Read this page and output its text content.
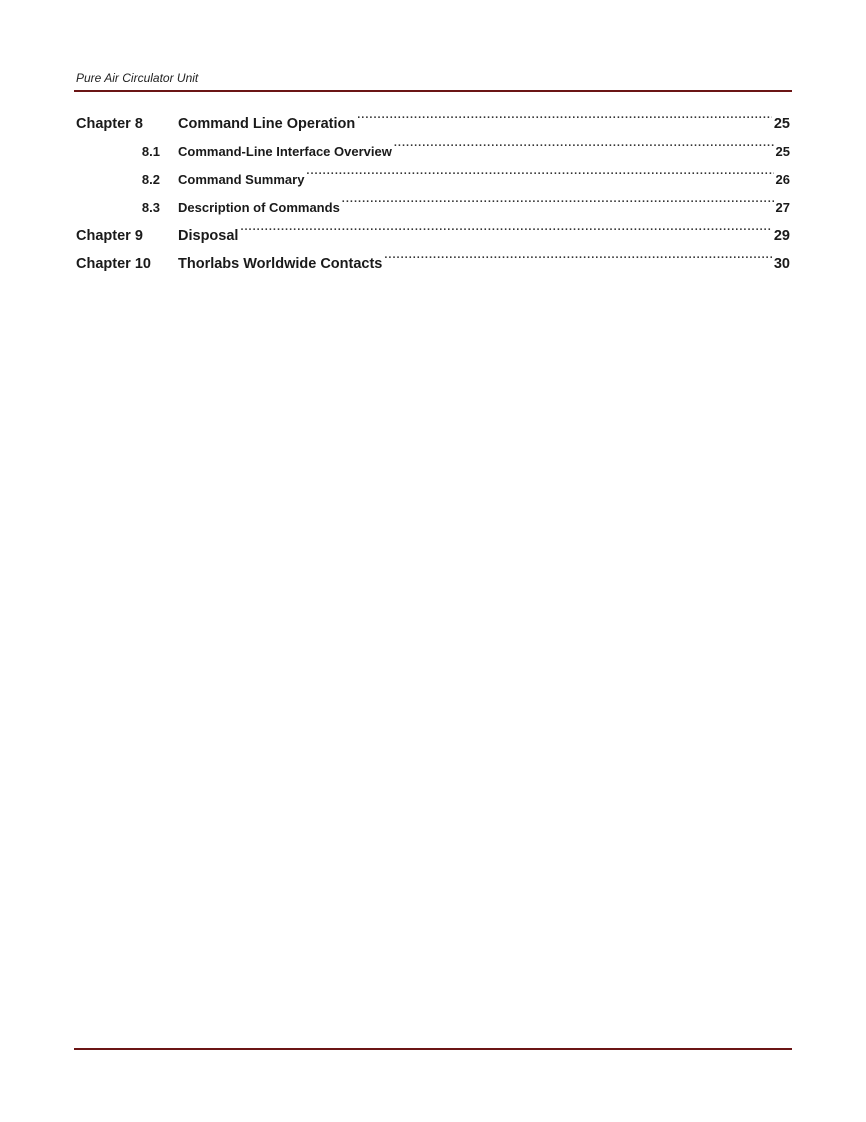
Pure Air Circulator Unit
Chapter 8	Command Line Operation .....	25
8.1 Command-Line Interface Overview .....	25
8.2 Command Summary .....	26
8.3 Description of Commands .....	27
Chapter 9	Disposal .....	29
Chapter 10	Thorlabs Worldwide Contacts .....	30
